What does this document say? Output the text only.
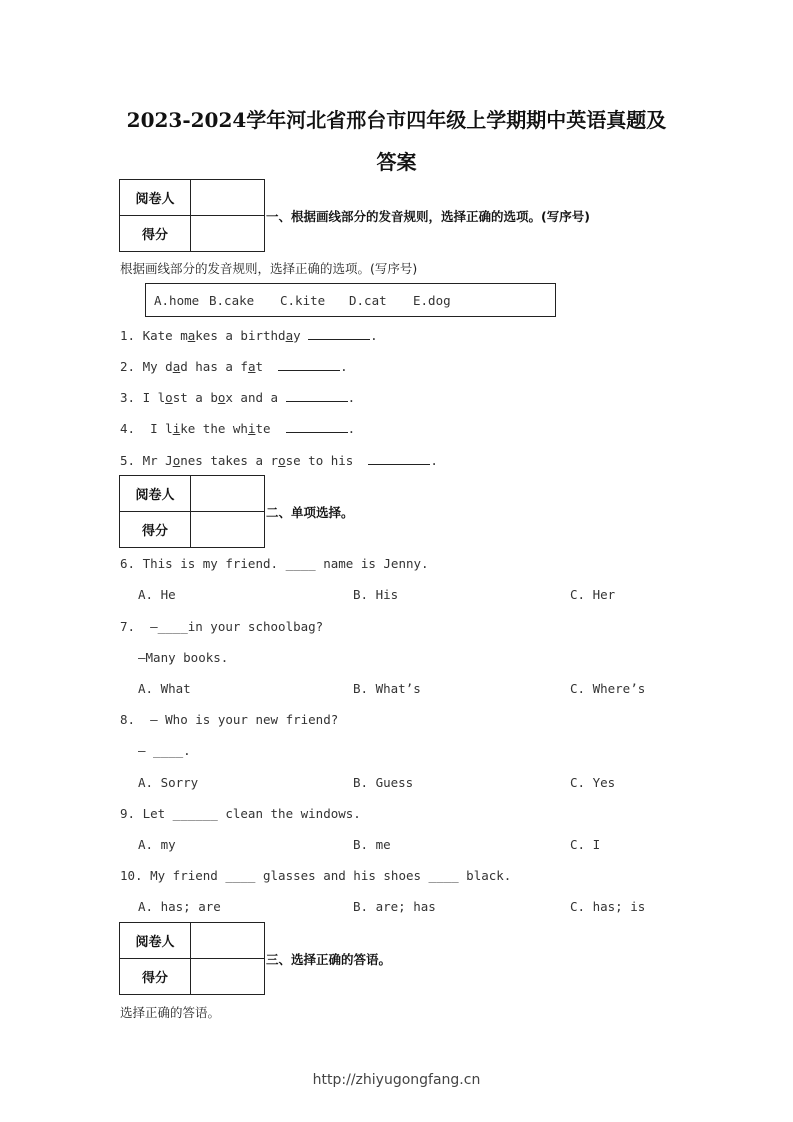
2023-2024学年河北省邢台市四年级上学期期中英语真题及
答案
阅卷人	
得分	
一、根据画线部分的发音规则，选择正确的选项。(写序号)
根据画线部分的发音规则，选择正确的选项。(写序号)
A.home B.cake C.kite D.cat E.dog
1. Kate makes a birthday	.
2. My dad has a fat	.
3. I lost a box and a	.
4.  I like the white	.
5. Mr Jones takes a rose to his	.
阅卷人	
得分	
二、单项选择。
6. This is my friend. ____ name is Jenny.
A. He	B. His	C. Her
7.  —____in your schoolbag?
—Many books.
A. What	B. What’s	C. Where’s
8.  — Who is your new friend?
— ____.
A. Sorry	B. Guess	C. Yes
9. Let ______ clean the windows.
A. my	B. me	C. I
10. My friend ____ glasses and his shoes ____ black.
A. has; are	B. are; has	C. has; is
阅卷人	
得分	
三、选择正确的答语。
选择正确的答语。
http://zhiyugongfang.cn
